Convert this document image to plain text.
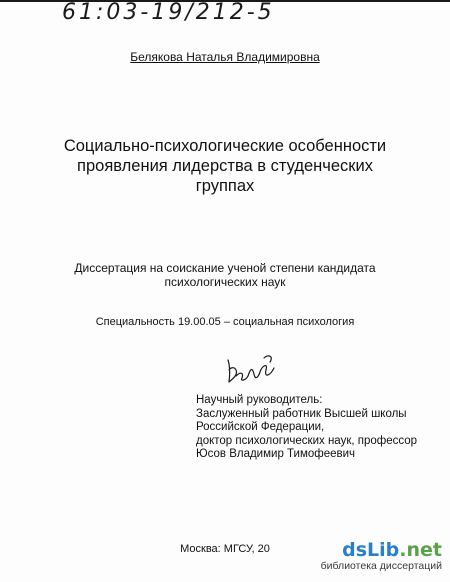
61:03-19/212-5
Белякова Наталья Владимировна
Социально-психологические особенности
проявления лидерства в студенческих
группах
Диссертация на соискание ученой степени кандидата
психологических наук
Специальность 19.00.05 – социальная психология
Научный руководитель:
Заслуженный работник Высшей школы
Российской Федерации,
доктор психологических наук, профессор
Юсов Владимир Тимофеевич
Москва: МГСУ, 20	dsLib.net
библиотека диссертаций
